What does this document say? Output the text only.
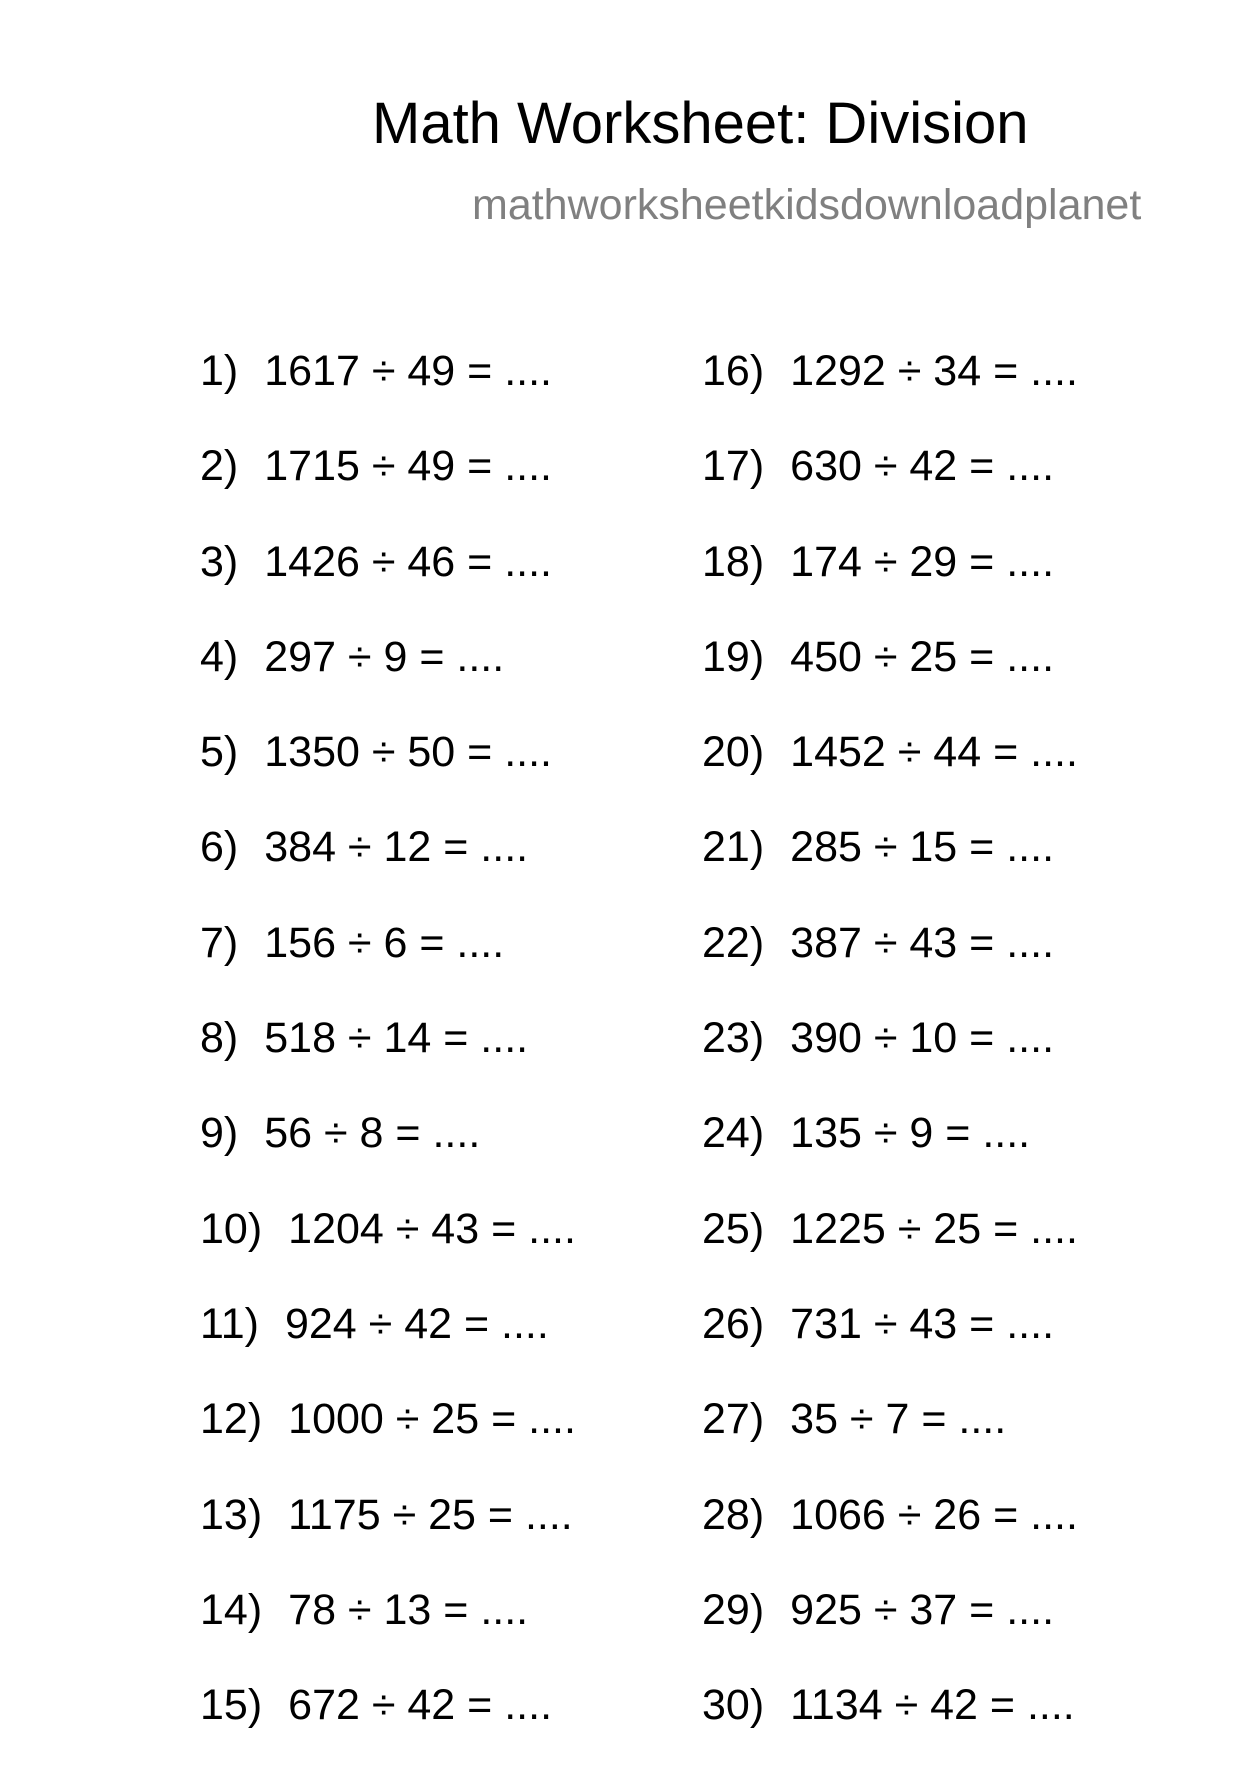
Math Worksheet: Division
mathworksheetkidsdownloadplanet
1) 1617 ÷ 49 = ....
2) 1715 ÷ 49 = ....
3) 1426 ÷ 46 = ....
4) 297 ÷ 9 = ....
5) 1350 ÷ 50 = ....
6) 384 ÷ 12 = ....
7) 156 ÷ 6 = ....
8) 518 ÷ 14 = ....
9) 56 ÷ 8 = ....
10) 1204 ÷ 43 = ....
11) 924 ÷ 42 = ....
12) 1000 ÷ 25 = ....
13) 1175 ÷ 25 = ....
14) 78 ÷ 13 = ....
15) 672 ÷ 42 = ....
16) 1292 ÷ 34 = ....
17) 630 ÷ 42 = ....
18) 174 ÷ 29 = ....
19) 450 ÷ 25 = ....
20) 1452 ÷ 44 = ....
21) 285 ÷ 15 = ....
22) 387 ÷ 43 = ....
23) 390 ÷ 10 = ....
24) 135 ÷ 9 = ....
25) 1225 ÷ 25 = ....
26) 731 ÷ 43 = ....
27) 35 ÷ 7 = ....
28) 1066 ÷ 26 = ....
29) 925 ÷ 37 = ....
30) 1134 ÷ 42 = ....
